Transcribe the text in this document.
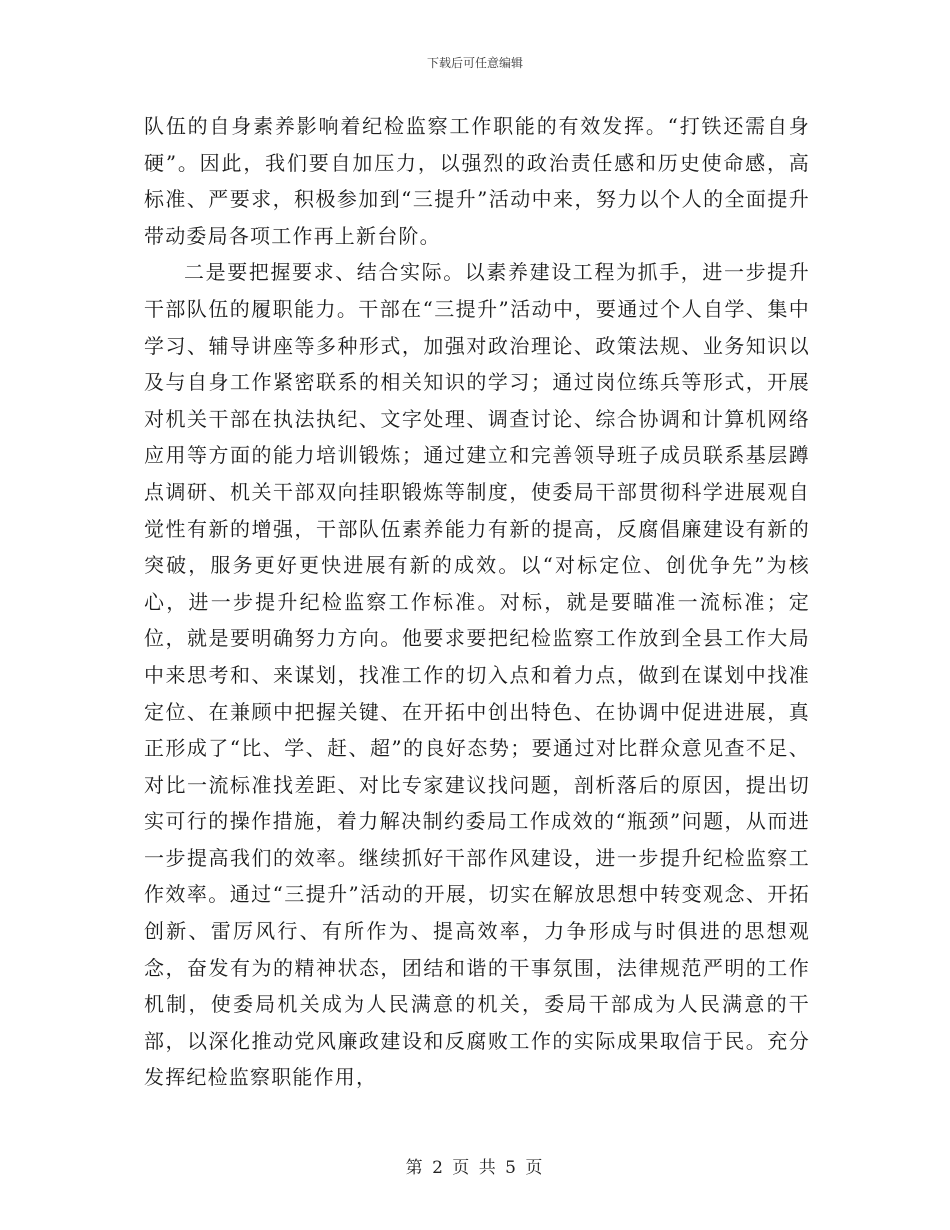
下载后可任意编辑

队伍的自身素养影响着纪检监察工作职能的有效发挥。“打铁还需自身硬”。因此，我们要自加压力，以强烈的政治责任感和历史使命感，高标准、严要求，积极参加到“三提升”活动中来，努力以个人的全面提升带动委局各项工作再上新台阶。

二是要把握要求、结合实际。以素养建设工程为抓手，进一步提升干部队伍的履职能力。干部在“三提升”活动中，要通过个人自学、集中学习、辅导讲座等多种形式，加强对政治理论、政策法规、业务知识以及与自身工作紧密联系的相关知识的学习；通过岗位练兵等形式，开展对机关干部在执法执纪、文字处理、调查讨论、综合协调和计算机网络应用等方面的能力培训锻炼；通过建立和完善领导班子成员联系基层蹲点调研、机关干部双向挂职锻炼等制度，使委局干部贯彻科学进展观自觉性有新的增强，干部队伍素养能力有新的提高，反腐倡廉建设有新的突破，服务更好更快进展有新的成效。以“对标定位、创优争先”为核心，进一步提升纪检监察工作标准。对标，就是要瞄准一流标准；定位，就是要明确努力方向。他要求要把纪检监察工作放到全县工作大局中来思考和、来谋划，找准工作的切入点和着力点，做到在谋划中找准定位、在兼顾中把握关键、在开拓中创出特色、在协调中促进进展，真正形成了“比、学、赶、超”的良好态势；要通过对比群众意见查不足、对比一流标准找差距、对比专家建议找问题，剖析落后的原因，提出切实可行的操作措施，着力解决制约委局工作成效的“瓶颈”问题，从而进一步提高我们的效率。继续抓好干部作风建设，进一步提升纪检监察工作效率。通过“三提升”活动的开展，切实在解放思想中转变观念、开拓创新、雷厉风行、有所作为、提高效率，力争形成与时俱进的思想观念，奋发有为的精神状态，团结和谐的干事氛围，法律规范严明的工作机制，使委局机关成为人民满意的机关，委局干部成为人民满意的干部，以深化推动党风廉政建设和反腐败工作的实际成果取信于民。充分发挥纪检监察职能作用，

第 2 页 共 5 页
